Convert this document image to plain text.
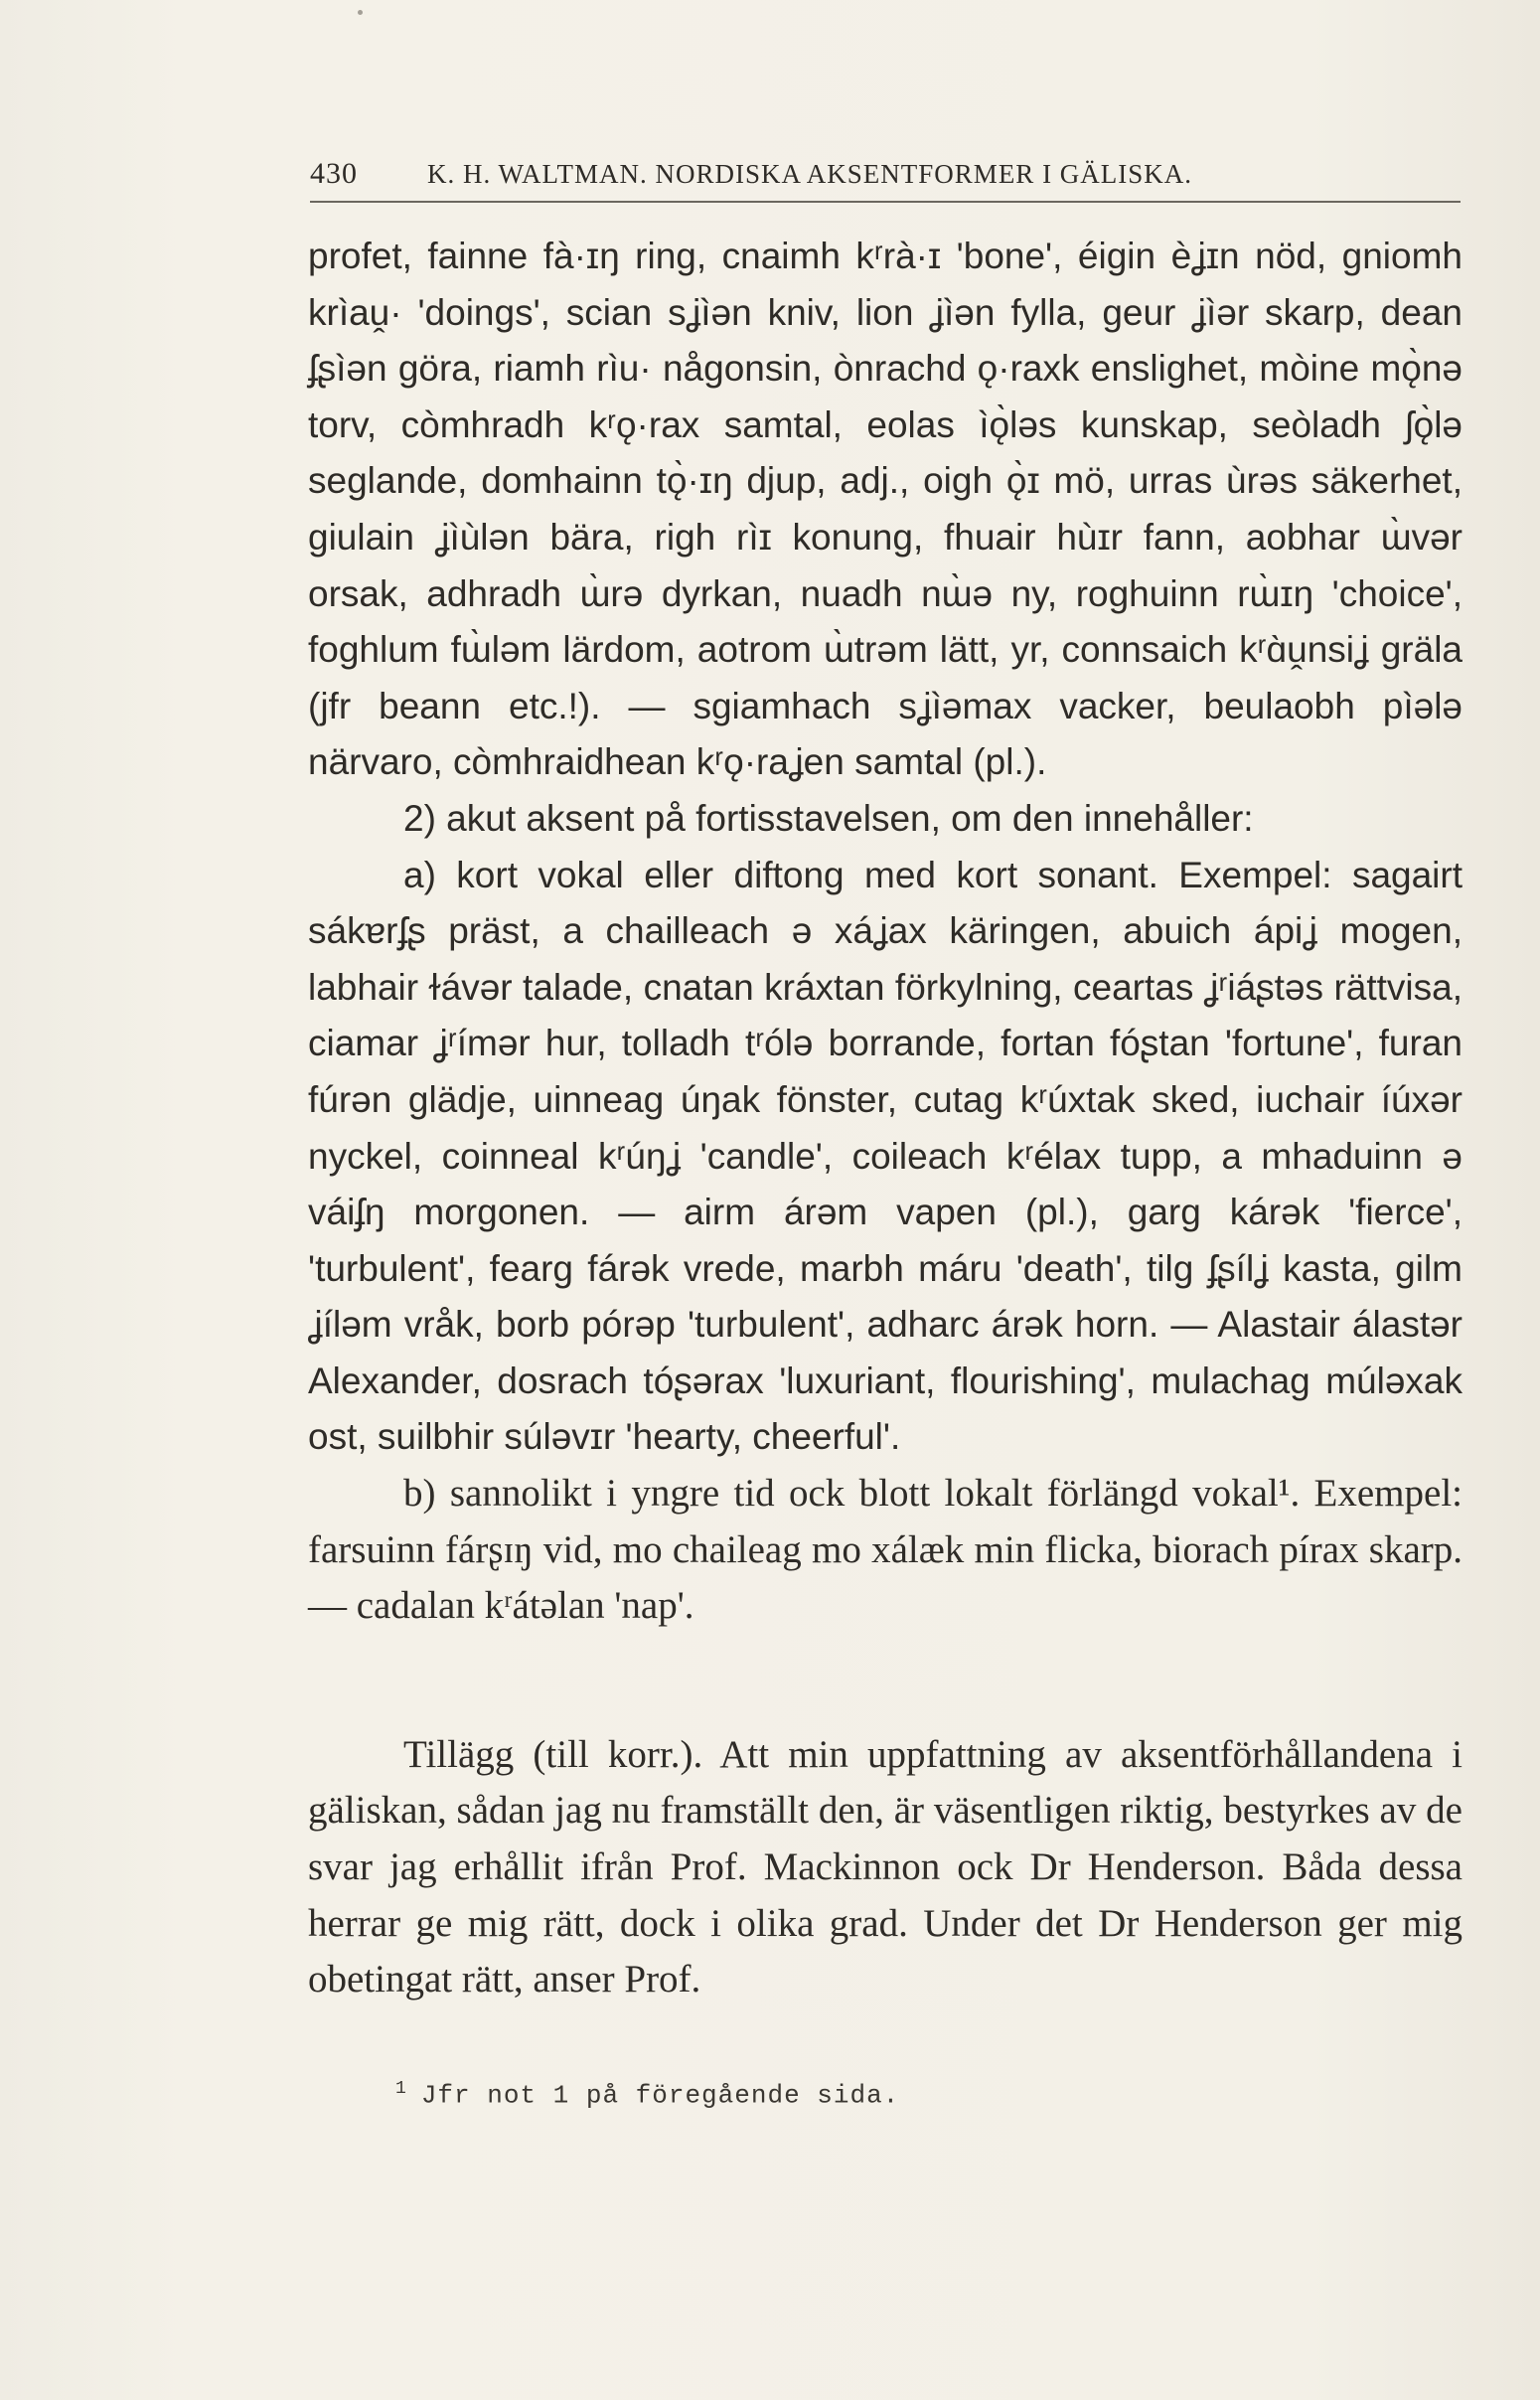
430	K. H. WALTMAN. NORDISKA AKSENTFORMER I GÄLISKA.

profet, fainne fà·ɪŋ ring, cnaimh kʳrà·ɪ 'bone', éigin èʝɪn nöd, gniomh krìaṷ· 'doings', scian sʝìən kniv, lion ʝìən fylla, geur ʝìər skarp, dean ʄʂìən göra, riamh rìu· någonsin, ònrachd ǫ·raxk enslighet, mòine mǫ̀nə torv, còmhradh kʳǫ·rax samtal, eolas ìǫ̀ləs kunskap, seòladh ʃǫ̀lə seglande, domhainn tǫ̀·ɪŋ djup, adj., oigh ǫ̀ɪ mö, urras ùrəs säkerhet, giulain ʝìùlən bära, righ rìɪ konung, fhuair hùɪr fann, aobhar ɯ̀vər orsak, adhradh ɯ̀rə dyrkan, nuadh nɯ̀ə ny, roghuinn rɯ̀ɪŋ 'choice', foghlum fɯ̀ləm lärdom, aotrom ɯ̀trəm lätt, yr, connsaich kʳɑ̀ṷnsiʝ gräla (jfr beann etc.!). — sgiamhach sʝìəmax vacker, beulaobh pìələ närvaro, còmhraidhean kʳǫ·raʝen samtal (pl.).

2) akut aksent på fortisstavelsen, om den innehåller:

a) kort vokal eller diftong med kort sonant. Exempel: sagairt sákɐrʄʂ präst, a chailleach ə xáʝax käringen, abuich ápiʝ mogen, labhair ɫávər talade, cnatan kráxtan förkylning, ceartas ʝʳiáʂtəs rättvisa, ciamar ʝʳímər hur, tolladh tʳólə borrande, fortan fóʂtan 'fortune', furan fúrən glädje, uinneag úŋak fönster, cutag kʳúxtak sked, iuchair íúxər nyckel, coinneal kʳúŋʝ 'candle', coileach kʳélax tupp, a mhaduinn ə váiʄŋ morgonen. — airm árəm vapen (pl.), garg kárək 'fierce', 'turbulent', fearg fárək vrede, marbh máru 'death', tilg ʄʂílʝ kasta, gilm ʝíləm vråk, borb pórəp 'turbulent', adharc árək horn. — Alastair álastər Alexander, dosrach tóʂərax 'luxuriant, flourishing', mulachag múləxak ost, suilbhir súləvɪr 'hearty, cheerful'.

b) sannolikt i yngre tid ock blott lokalt förlängd vokal¹. Exempel: farsuinn fárʂɪŋ vid, mo chaileag mo xálæk min flicka, biorach pírax skarp. — cadalan kʳátəlan 'nap'.

Tillägg (till korr.). Att min uppfattning av aksentförhållandena i gäliskan, sådan jag nu framställt den, är väsentligen riktig, bestyrkes av de svar jag erhållit ifrån Prof. Mackinnon ock Dr Henderson. Båda dessa herrar ge mig rätt, dock i olika grad. Under det Dr Henderson ger mig obetingat rätt, anser Prof.

$^1$ Jfr not 1 på föregående sida.
